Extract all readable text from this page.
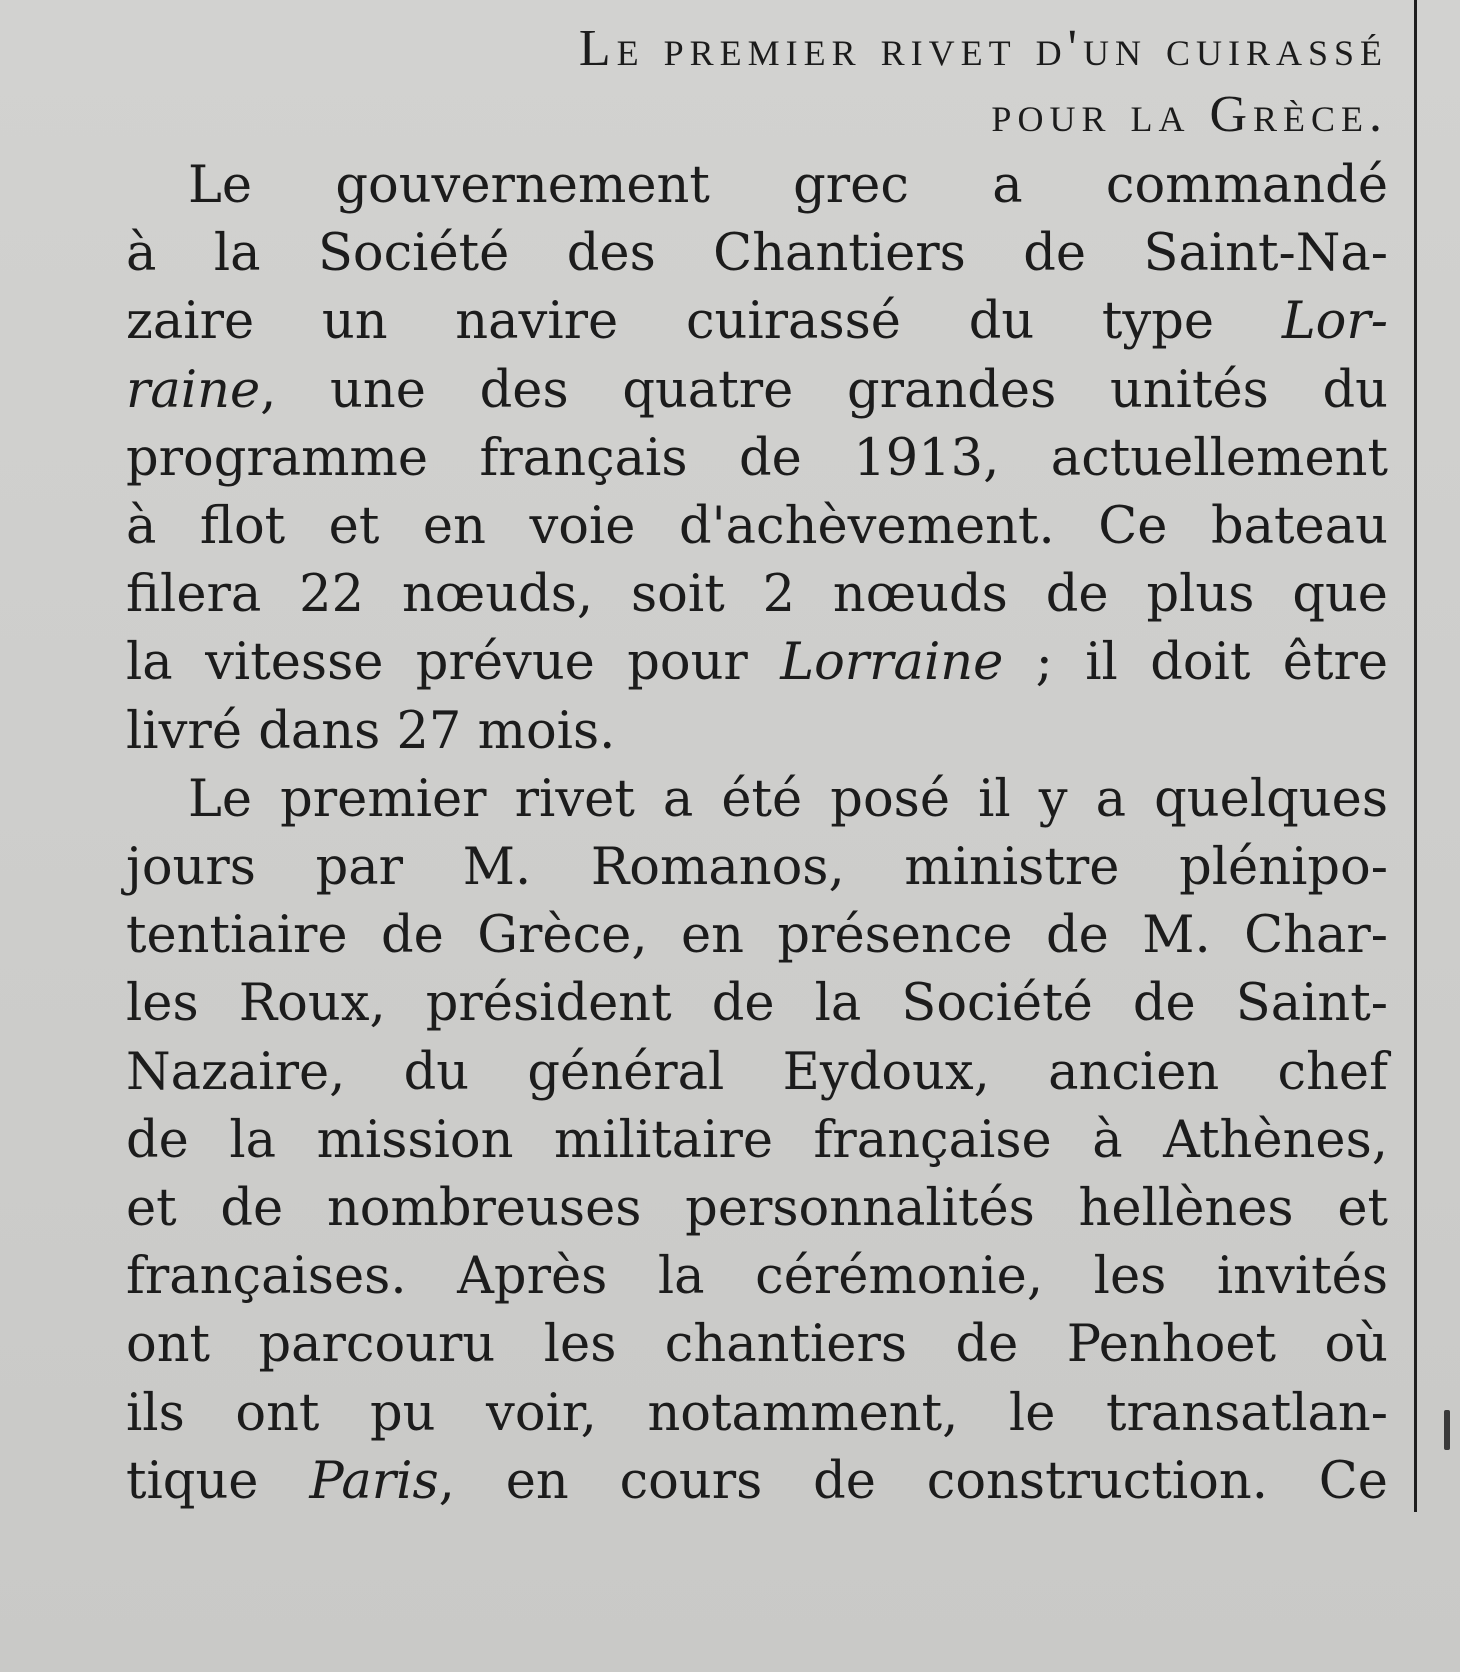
Le premier rivet d'un cuirassé
pour la Grèce.
Le gouvernement grec a commandé
à la Société des Chantiers de Saint-Na-
zaire un navire cuirassé du type Lor-
raine, une des quatre grandes unités du
programme français de 1913, actuellement
à flot et en voie d'achèvement. Ce bateau
filera 22 nœuds, soit 2 nœuds de plus que
la vitesse prévue pour Lorraine ; il doit être
livré dans 27 mois.
Le premier rivet a été posé il y a quelques
jours par M. Romanos, ministre plénipo-
tentiaire de Grèce, en présence de M. Char-
les Roux, président de la Société de Saint-
Nazaire, du général Eydoux, ancien chef
de la mission militaire française à Athènes,
et de nombreuses personnalités hellènes et
françaises. Après la cérémonie, les invités
ont parcouru les chantiers de Penhoet où
ils ont pu voir, notamment, le transatlan-
tique Paris, en cours de construction. Ce
